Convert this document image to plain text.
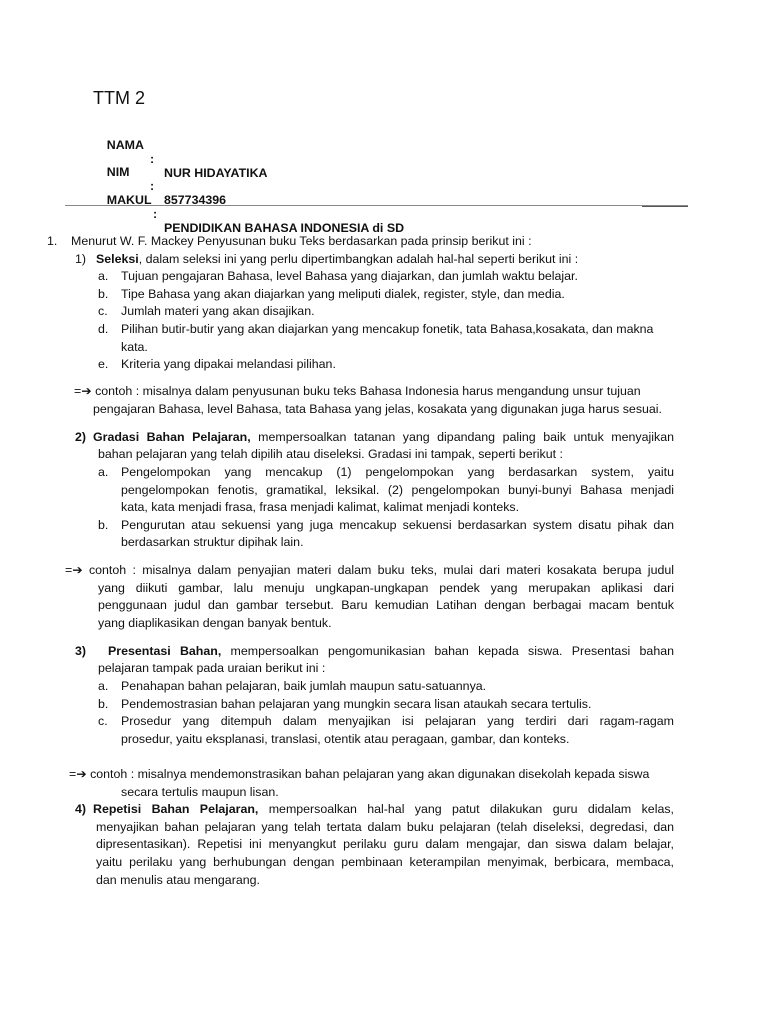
TTM 2

NAMA

:

NUR HIDAYATIKA

NIM

:

857734396

MAKUL

:

PENDIDIKAN BAHASA INDONESIA di SD

1. Menurut W. F. Mackey Penyusunan buku Teks berdasarkan pada prinsip berikut ini :
1) Seleksi, dalam seleksi ini yang perlu dipertimbangkan adalah hal-hal seperti berikut ini :
a. Tujuan pengajaran Bahasa, level Bahasa yang diajarkan, dan jumlah waktu belajar.
b. Tipe Bahasa yang akan diajarkan yang meliputi dialek, register, style, dan media.
c. Jumlah materi yang akan disajikan.
d. Pilihan butir-butir yang akan diajarkan yang mencakup fonetik, tata Bahasa,kosakata, dan makna
kata.
e. Kriteria yang dipakai melandasi pilihan.
=➔ contoh : misalnya dalam penyusunan buku teks Bahasa Indonesia harus mengandung unsur tujuan
pengajaran Bahasa, level Bahasa, tata Bahasa yang jelas, kosakata yang digunakan juga harus sesuai.
2) Gradasi Bahan Pelajaran, mempersoalkan tatanan yang dipandang paling baik untuk menyajikan
bahan pelajaran yang telah dipilih atau diseleksi. Gradasi ini tampak, seperti berikut :
a. Pengelompokan yang mencakup (1) pengelompokan yang berdasarkan system, yaitu
pengelompokan fenotis, gramatikal, leksikal. (2) pengelompokan bunyi-bunyi Bahasa menjadi
kata, kata menjadi frasa, frasa menjadi kalimat, kalimat menjadi konteks.
b. Pengurutan atau sekuensi yang juga mencakup sekuensi berdasarkan system disatu pihak dan
berdasarkan struktur dipihak lain.
=➔ contoh : misalnya dalam penyajian materi dalam buku teks, mulai dari materi kosakata berupa judul
yang diikuti gambar, lalu menuju ungkapan-ungkapan pendek yang merupakan aplikasi dari
penggunaan judul dan gambar tersebut. Baru kemudian Latihan dengan berbagai macam bentuk
yang diaplikasikan dengan banyak bentuk.
3) Presentasi Bahan, mempersoalkan pengomunikasian bahan kepada siswa. Presentasi bahan
pelajaran tampak pada uraian berikut ini :
a. Penahapan bahan pelajaran, baik jumlah maupun satu-satuannya.
b. Pendemostrasian bahan pelajaran yang mungkin secara lisan ataukah secara tertulis.
c. Prosedur yang ditempuh dalam menyajikan isi pelajaran yang terdiri dari ragam-ragam
prosedur, yaitu eksplanasi, translasi, otentik atau peragaan, gambar, dan konteks.
=➔ contoh : misalnya mendemonstrasikan bahan pelajaran yang akan digunakan disekolah kepada siswa
secara tertulis maupun lisan.
4) Repetisi Bahan Pelajaran, mempersoalkan hal-hal yang patut dilakukan guru didalam kelas,
menyajikan bahan pelajaran yang telah tertata dalam buku pelajaran (telah diseleksi, degredasi, dan
dipresentasikan). Repetisi ini menyangkut perilaku guru dalam mengajar, dan siswa dalam belajar,
yaitu perilaku yang berhubungan dengan pembinaan keterampilan menyimak, berbicara, membaca,
dan menulis atau mengarang.
